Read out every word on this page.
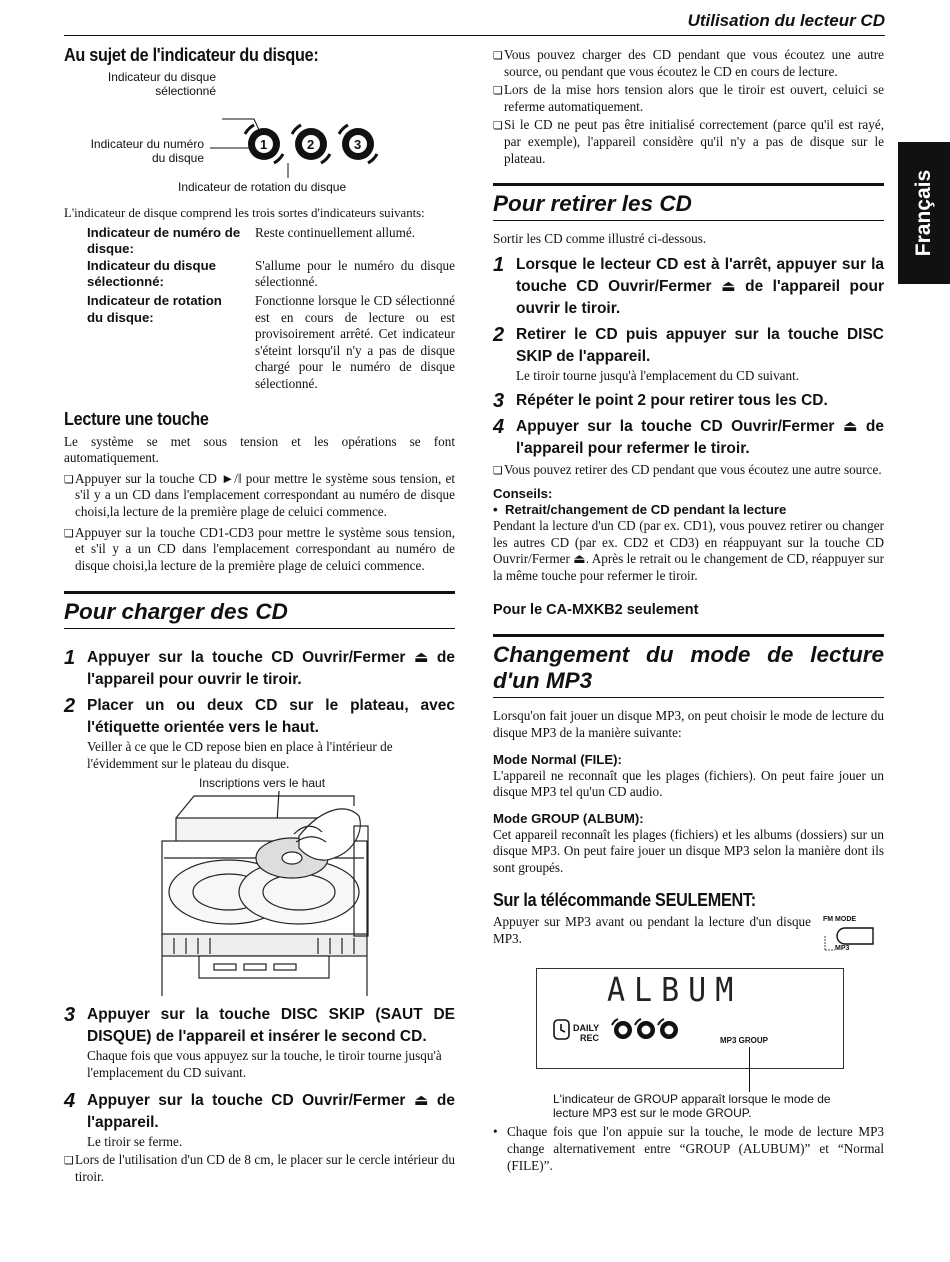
Utilisation du lecteur CD
Français
Au sujet de l'indicateur du disque:
Indicateur du disque
sélectionné
Indicateur du numéro
du disque
Indicateur de rotation du disque
1	2	3

L'indicateur de disque comprend les trois sortes d'indicateurs suivants:

Indicateur de numéro de disque:
Reste continuellement allumé.
Indicateur du disque sélectionné:
S'allume pour le numéro du disque sélectionné.
Indicateur de rotation du disque:
Fonctionne lorsque le CD sélectionné est en cours de lecture ou est provisoirement arrêté. Cet indicateur s'éteint lorsqu'il n'y a pas de disque chargé pour le numéro de disque sélectionné.
Lecture une touche

Le système se met sous tension et les opérations se font automatiquement.

❏ Appuyer sur la touche CD ►/ǁ pour mettre le système sous tension, et s'il y a un CD dans l'emplacement correspondant au numéro de disque choisi,la lecture de la première plage de celuici commence.
❏ Appuyer sur la touche CD1-CD3 pour mettre le système sous tension, et s'il y a un CD dans l'emplacement correspondant au numéro de disque choisi,la lecture de la première plage de celuici commence.
Pour charger des CD
1 Appuyer sur la touche CD Ouvrir/Fermer ⏏ de l'appareil pour ouvrir le tiroir.
2 Placer un ou deux CD sur le plateau, avec l'étiquette orientée vers le haut.
Veiller à ce que le CD repose bien en place à l'intérieur de l'évidemment sur le plateau du disque.
Inscriptions vers le haut
3 Appuyer sur la touche DISC SKIP (SAUT DE DISQUE) de l'appareil et insérer le second CD.
Chaque fois que vous appuyez sur la touche, le tiroir tourne jusqu'à l'emplacement du CD suivant.
4 Appuyer sur la touche CD Ouvrir/Fermer ⏏ de l'appareil.
Le tiroir se ferme.
❏ Lors de l'utilisation d'un CD de 8 cm, le placer sur le cercle intérieur du tiroir.
❏ Vous pouvez charger des CD pendant que vous écoutez une autre source, ou pendant que vous écoutez le CD en cours de lecture.
❏ Lors de la mise hors tension alors que le tiroir est ouvert, celuici se referme automatiquement.
❏ Si le CD ne peut pas être initialisé correctement (parce qu'il est rayé, par exemple), l'appareil considère qu'il n'y a pas de disque sur le plateau.
Pour retirer les CD

Sortir les CD comme illustré ci-dessous.

1 Lorsque le lecteur CD est à l'arrêt, appuyer sur la touche CD Ouvrir/Fermer ⏏ de l'appareil pour ouvrir le tiroir.
2 Retirer le CD puis appuyer sur la touche DISC SKIP de l'appareil.
Le tiroir tourne jusqu'à l'emplacement du CD suivant.
3 Répéter le point 2 pour retirer tous les CD.
4 Appuyer sur la touche CD Ouvrir/Fermer ⏏ de l'appareil pour refermer le tiroir.
❏ Vous pouvez retirer des CD pendant que vous écoutez une autre source.
Conseils:
•  Retrait/changement de CD pendant la lecture

Pendant la lecture d'un CD (par ex. CD1), vous pouvez retirer ou changer les autres CD (par ex. CD2 et CD3) en réappuyant sur la touche CD Ouvrir/Fermer ⏏. Après le retrait ou le changement de CD, réappuyer sur la même touche pour refermer le tiroir.

Pour le CA-MXKB2 seulement
Changement du mode de lecture d'un MP3

Lorsqu'on fait jouer un disque MP3, on peut choisir le mode de lecture du disque MP3 de la manière suivante:

Mode Normal (FILE):

L'appareil ne reconnaît que les plages (fichiers). On peut faire jouer un disque MP3 tel qu'un CD audio.

Mode GROUP (ALBUM):

Cet appareil reconnaît les plages (fichiers) et les albums (dossiers) sur un disque MP3. On peut faire jouer un disque MP3 selon la manière dont ils sont groupés.

Sur la télécommande SEULEMENT:

Appuyer sur MP3 avant ou pendant la lecture d'un disque MP3.

FM MODE
MP3
ALBUM
DAILY
REC	MP3 GROUP
L'indicateur de GROUP apparaît lorsque le mode de lecture MP3 est sur le mode GROUP.
• Chaque fois que l'on appuie sur la touche, le mode de lecture MP3 change alternativement entre “GROUP (ALUBUM)” et “Normal (FILE)”.
